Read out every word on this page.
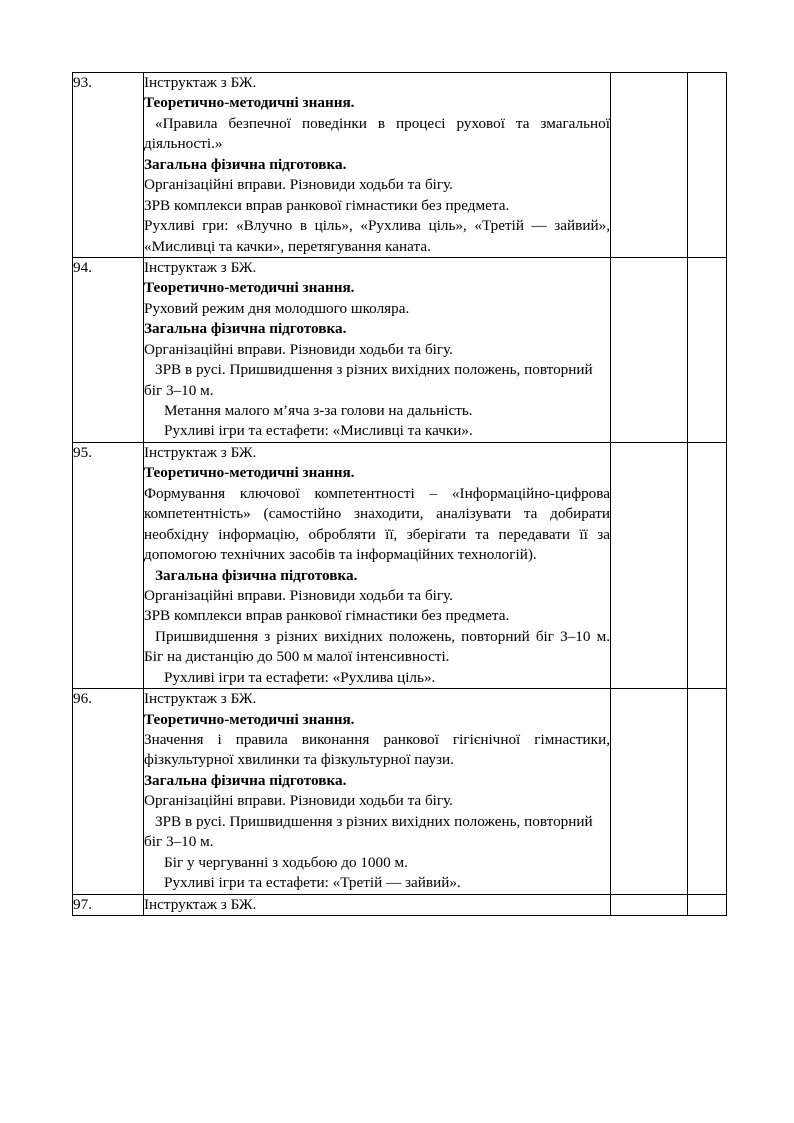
93.	Інструктаж з БЖ.
Теоретично-методичні знання.
«Правила безпечної поведінки в процесі рухової та змагальної діяльності.»
Загальна фізична підготовка.
Організаційні вправи. Різновиди ходьби та бігу.
ЗРВ комплекси вправ ранкової гімнастики без предмета.
Рухливі гри: «Влучно в ціль», «Рухлива ціль», «Третій — зайвий», «Мисливці та качки», перетягування каната.

94.	Інструктаж з БЖ.
Теоретично-методичні знання.
Руховий режим дня молодшого школяра.
Загальна фізична підготовка.
Організаційні вправи. Різновиди ходьби та бігу.
ЗРВ в русі. Пришвидшення з різних вихідних положень, повторний біг 3–10 м.
Метання малого м’яча з-за голови на дальність.
Рухливі ігри та естафети: «Мисливці та качки».

95.	Інструктаж з БЖ.
Теоретично-методичні знання.
Формування ключової компетентності – «Інформаційно-цифрова компетентність» (самостійно знаходити, аналізувати та добирати необхідну інформацію, обробляти її, зберігати та передавати її за допомогою технічних засобів та інформаційних технологій).
Загальна фізична підготовка.
Організаційні вправи. Різновиди ходьби та бігу.
ЗРВ комплекси вправ ранкової гімнастики без предмета.
Пришвидшення з різних вихідних положень, повторний біг 3–10 м. Біг на дистанцію до 500 м малої інтенсивності.
Рухливі ігри та естафети: «Рухлива ціль».

96.	Інструктаж з БЖ.
Теоретично-методичні знання.
Значення і правила виконання ранкової гігієнічної гімнастики, фізкультурної хвилинки та фізкультурної паузи.
Загальна фізична підготовка.
Організаційні вправи. Різновиди ходьби та бігу.
ЗРВ в русі. Пришвидшення з різних вихідних положень, повторний біг 3–10 м.
Біг у чергуванні з ходьбою до 1000 м.
Рухливі ігри та естафети: «Третій — зайвий».

97.	Інструктаж з БЖ.		
